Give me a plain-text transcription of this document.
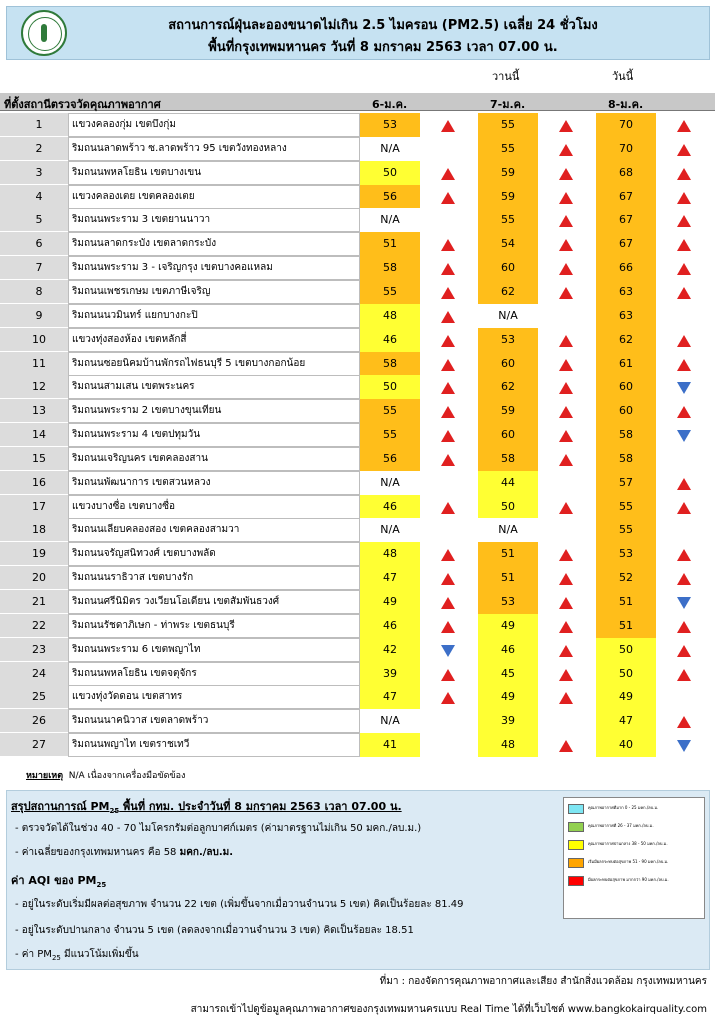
สถานการณ์ฝุ่นละอองขนาดไม่เกิน 2.5 ไมครอน (PM2.5) เฉลี่ย 24 ชั่วโมง
พื้นที่กรุงเทพมหานคร วันที่ 8 มกราคม 2563 เวลา 07.00 น.
วานนี้	วันนี้
ที่ตั้งสถานีตรวจวัดคุณภาพอากาศ	6-ม.ค.	7-ม.ค.	8-ม.ค.
1	แขวงคลองกุ่ม เขตบึงกุ่ม	53	55	70
2	ริมถนนลาดพร้าว ซ.ลาดพร้าว 95 เขตวังทองหลาง	N/A	55	70
3	ริมถนนพหลโยธิน เขตบางเขน	50	59	68
4	แขวงคลองเตย เขตคลองเตย	56	59	67
5	ริมถนนพระราม 3 เขตยานนาวา	N/A	55	67
6	ริมถนนลาดกระบัง เขตลาดกระบัง	51	54	67
7	ริมถนนพระราม 3 - เจริญกรุง เขตบางคอแหลม	58	60	66
8	ริมถนนเพชรเกษม เขตภาษีเจริญ	55	62	63
9	ริมถนนนวมินทร์ แยกบางกะปิ	48	N/A	63
10	แขวงทุ่งสองห้อง เขตหลักสี่	46	53	62
11	ริมถนนซอยนิคมบ้านพักรถไฟธนบุรี 5 เขตบางกอกน้อย	58	60	61
12	ริมถนนสามเสน เขตพระนคร	50	62	60
13	ริมถนนพระราม 2 เขตบางขุนเทียน	55	59	60
14	ริมถนนพระราม 4 เขตปทุมวัน	55	60	58
15	ริมถนนเจริญนคร เขตคลองสาน	56	58	58
16	ริมถนนพัฒนาการ เขตสวนหลวง	N/A	44	57
17	แขวงบางซื่อ เขตบางซื่อ	46	50	55
18	ริมถนนเลียบคลองสอง เขตคลองสามวา	N/A	N/A	55
19	ริมถนนจรัญสนิทวงศ์ เขตบางพลัด	48	51	53
20	ริมถนนนราธิวาส เขตบางรัก	47	51	52
21	ริมถนนศรีนิมิตร วงเวียนโอเดียน เขตสัมพันธวงศ์	49	53	51
22	ริมถนนรัชดาภิเษก - ท่าพระ เขตธนบุรี	46	49	51
23	ริมถนนพระราม 6 เขตพญาไท	42	46	50
24	ริมถนนพหลโยธิน เขตจตุจักร	39	45	50
25	แขวงทุ่งวัดดอน เขตสาทร	47	49	49
26	ริมถนนนาคนิวาส เขตลาดพร้าว	N/A	39	47
27	ริมถนนพญาไท เขตราชเทวี	41	48	40
หมายเหตุ N/A เนื่องจากเครื่องมือขัดข้อง
สรุปสถานการณ์ $PM_{25}$ พื้นที่ กทม. ประจำวันที่ 8 มกราคม 2563 เวลา 07.00 น.
- ตรวจวัดได้ในช่วง 40 - 70 ไมโครกรัมต่อลูกบาศก์เมตร (ค่ามาตรฐานไม่เกิน 50 มคก./ลบ.ม.)
- ค่าเฉลี่ยของกรุงเทพมหานคร คือ 58 มคก./ลบ.ม.
ค่า AQI ของ $PM_{25}$
- อยู่ในระดับเริ่มมีผลต่อสุขภาพ จำนวน 22 เขต (เพิ่มขึ้นจากเมื่อวานจำนวน 5 เขต) คิดเป็นร้อยละ 81.49
- อยู่ในระดับปานกลาง จำนวน 5 เขต (ลดลงจากเมื่อวานจำนวน 3 เขต) คิดเป็นร้อยละ 18.51
- ค่า $PM_{25}$ มีแนวโน้มเพิ่มขึ้น
คุณภาพอากาศดีมาก 0 - 25 มคก./ลบ.ม.
คุณภาพอากาศดี 26 - 37 มคก./ลบ.ม.
คุณภาพอากาศปานกลาง 38 - 50 มคก./ลบ.ม.
เริ่มมีผลกระทบต่อสุขภาพ 51 - 90 มคก./ลบ.ม.
มีผลกระทบต่อสุขภาพ มากกว่า 90 มคก./ลบ.ม.
ที่มา : กองจัดการคุณภาพอากาศและเสียง สำนักสิ่งแวดล้อม กรุงเทพมหานคร
สามารถเข้าไปดูข้อมูลคุณภาพอากาศของกรุงเทพมหานครแบบ Real Time ได้ที่เว็บไซต์ www.bangkokairquality.com
